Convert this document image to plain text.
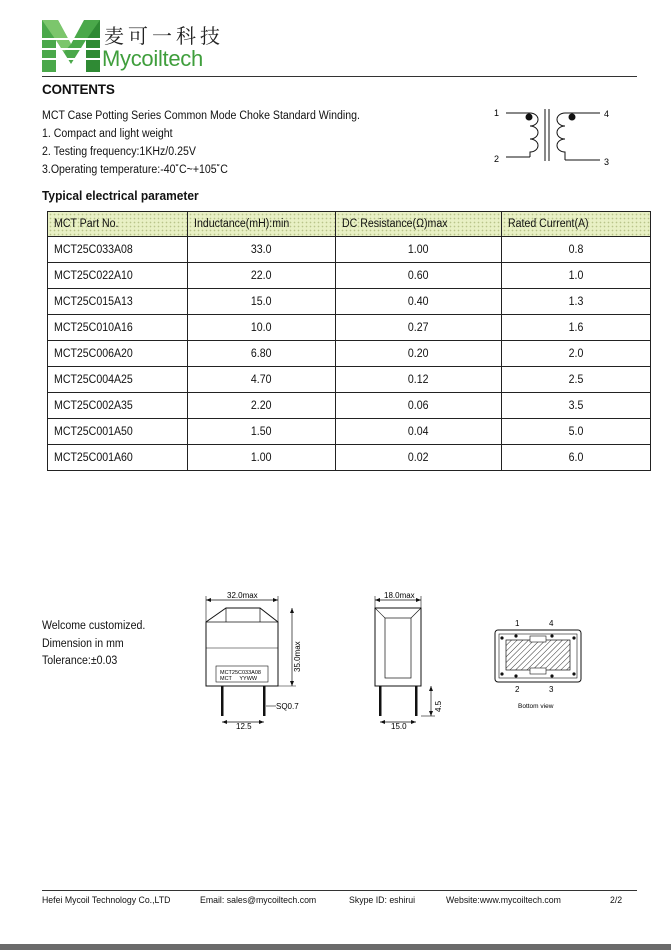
麦可一科技
Mycoiltech
CONTENTS
MCT Case Potting Series Common Mode Choke Standard Winding.
1. Compact and light weight
2. Testing frequency:1KHz/0.25V
3.Operating temperature:-40˚C~+105˚C
1	4
2	3
Typical electrical parameter
MCT Part No.	Inductance(mH):min	DC Resistance(Ω)max	Rated Current(A)
MCT25C033A08	33.0	1.00	0.8
MCT25C022A10	22.0	0.60	1.0
MCT25C015A13	15.0	0.40	1.3
MCT25C010A16	10.0	0.27	1.6
MCT25C006A20	6.80	0.20	2.0
MCT25C004A25	4.70	0.12	2.5
MCT25C002A35	2.20	0.06	3.5
MCT25C001A50	1.50	0.04	5.0
MCT25C001A60	1.00	0.02	6.0
Welcome customized.
Dimension in mm
Tolerance:±0.03
32.0max
MCT25C033A08
MCT     YYWW
35.0max
12.5
SQ0.7
18.0max
15.0
4.5
1	4
2	3
Bottom view
Hefei Mycoil Technology Co.,LTD	Email: sales@mycoiltech.com	Skype ID: eshirui	Website:www.mycoiltech.com	2/2
